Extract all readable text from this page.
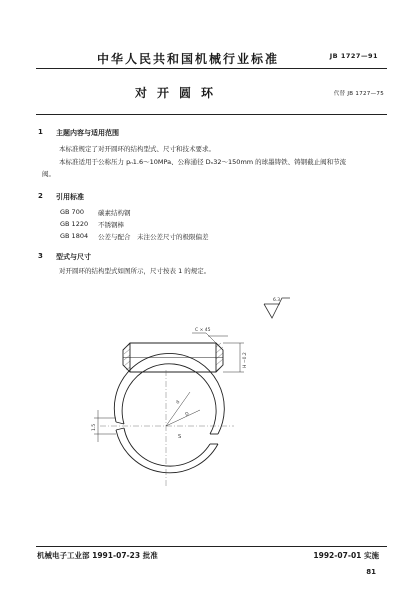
中华人民共和国机械行业标准	JB 1727—91
对开圆环	代替 JB 1727—75
1 主题内容与适用范围
本标准规定了对开圆环的结构型式、尺寸和技术要求。
本标准适用于公称压力 pₙ1.6～10MPa、公称通径 Dₙ32～150mm 的球墨铸铁、铸钢截止阀和节流
阀。
2 引用标准
GB 700 碳素结构钢
GB 1220 不锈钢棒
GB 1804 公差与配合　未注公差尺寸的极限偏差
3 型式与尺寸
对开圆环的结构型式如图所示，尺寸按表 1 的规定。
6.3
C × 45
H −0.2
d
D
S
1.5
机械电子工业部 1991-07-23 批准	1992-07-01 实施
81
